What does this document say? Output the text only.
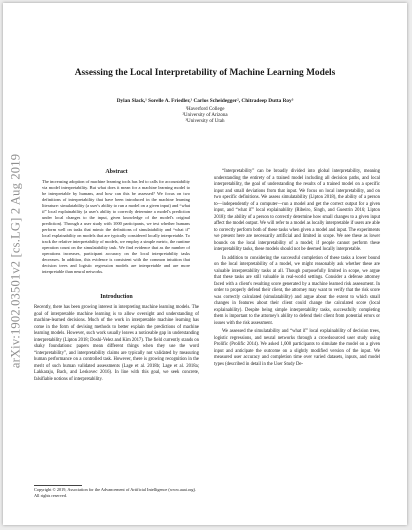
arXiv:1902.03501v2 [cs.LG] 2 Aug 2019
Assessing the Local Interpretability of Machine Learning Models
Dylan Slack,¹ Sorelle A. Friedler,¹ Carlos Scheidegger², Chitradeep Dutta Roy³
¹Haverford College
²University of Arizona
³University of Utah
Abstract

The increasing adoption of machine learning tools has led to calls for accountability via model interpretability. But what does it mean for a machine learning model to be interpretable by humans, and how can this be assessed? We focus on two definitions of interpretability that have been introduced in the machine learning literature: simulatability (a user's ability to run a model on a given input) and “what if” local explainability (a user's ability to correctly determine a model's prediction under local changes to the input, given knowledge of the model's original prediction). Through a user study with 1000 participants, we test whether humans perform well on tasks that mimic the definitions of simulatability and “what if” local explainability on models that are typically considered locally interpretable. To track the relative interpretability of models, we employ a simple metric, the runtime operation count on the simulatability task. We find evidence that as the number of operations increases, participant accuracy on the local interpretability tasks decreases. In addition, this evidence is consistent with the common intuition that decision trees and logistic regression models are interpretable and are more interpretable than neural networks.

Introduction

Recently, there has been growing interest in interpreting machine learning models. The goal of interpretable machine learning is to allow oversight and understanding of machine-learned decisions. Much of the work in interpretable machine learning has come in the form of devising methods to better explain the predictions of machine learning models. However, such work usually leaves a noticeable gap in understanding interpretability (Lipton 2018; Doshi-Velez and Kim 2017). The field currently stands on shaky foundations: papers mean different things when they use the word “interpretability”, and interpretability claims are typically not validated by measuring human performance on a controlled task. However, there is growing recognition in the merit of such human validated assessments (Lage et al. 2018b; Lage et al. 2018a; Lakkaraju, Bach, and Leskovec 2016). In line with this goal, we seek concrete, falsifiable notions of interpretability.

Copyright © 2019, Association for the Advancement of Artificial Intelligence (www.aaai.org). All rights reserved.

“Interpretability” can be broadly divided into global interpretability, meaning understanding the entirety of a trained model including all decision paths, and local interpretability, the goal of understanding the results of a trained model on a specific input and small deviations from that input. We focus on local interpretability, and on two specific definitions. We assess simulatability (Lipton 2018), the ability of a person to—independently of a computer—run a model and get the correct output for a given input, and “what if” local explainability (Ribeiro, Singh, and Guestrin 2016; Lipton 2018): the ability of a person to correctly determine how small changes to a given input affect the model output. We will refer to a model as locally interpretable if users are able to correctly perform both of these tasks when given a model and input. The experiments we present here are necessarily artificial and limited in scope. We see these as lower bounds on the local interpretability of a model; if people cannot perform these interpretability tasks, these models should not be deemed locally interpretable.

In addition to considering the successful completion of these tasks a lower bound on the local interpretability of a model, we might reasonably ask whether these are valuable interpretability tasks at all. Though purposefully limited in scope, we argue that these tasks are still valuable in real-world settings. Consider a defense attorney faced with a client's resulting score generated by a machine learned risk assessment. In order to properly defend their client, the attorney may want to verify that the risk score was correctly calculated (simulatability) and argue about the extent to which small changes in features about their client could change the calculated score (local explainability). Despite being simple interpretability tasks, successfully completing them is important to the attorney's ability to defend their client from potential errors or issues with the risk assessment.

We assessed the simulatability and “what if” local explainability of decision trees, logistic regressions, and neural networks through a crowdsourced user study using Prolific (Prolific 2014). We asked 1,000 participants to simulate the model on a given input and anticipate the outcome on a slightly modified version of the input. We measured user accuracy and completion time over varied datasets, inputs, and model types (described in detail in the User Study De-
